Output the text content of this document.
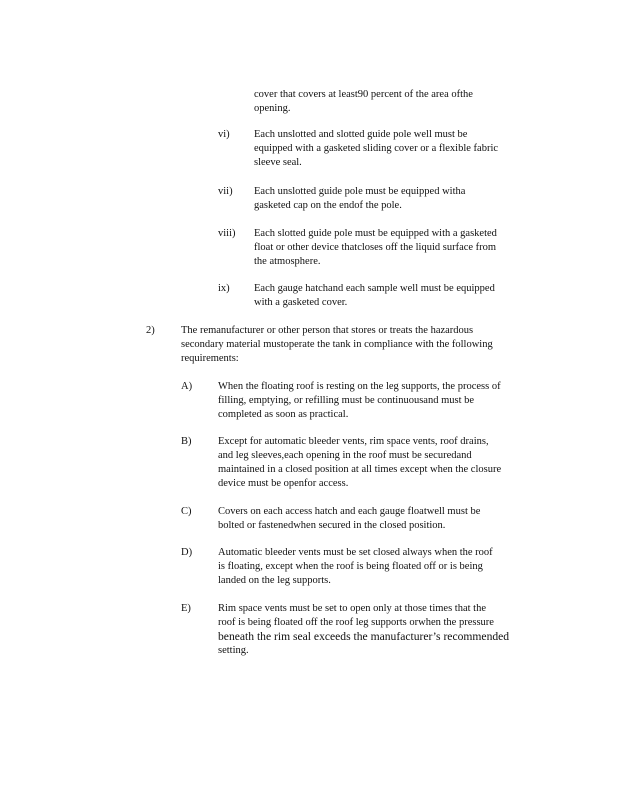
cover that covers at least90 percent of the area ofthe
opening.
vi) Each unslotted and slotted guide pole well must be
equipped with a gasketed sliding cover or a flexible fabric
sleeve seal.
vii) Each unslotted guide pole must be equipped witha
gasketed cap on the endof the pole.
viii) Each slotted guide pole must be equipped with a gasketed
float or other device thatcloses off the liquid surface from
the atmosphere.
ix) Each gauge hatchand each sample well must be equipped
with a gasketed cover.
2)	The remanufacturer or other person that stores or treats the hazardous
secondary material mustoperate the tank in compliance with the following
requirements:
A) When the floating roof is resting on the leg supports, the process of
filling, emptying, or refilling must be continuousand must be
completed as soon as practical.
B)	Except for automatic bleeder vents, rim space vents, roof drains,
and leg sleeves,each opening in the roof must be securedand
maintained in a closed position at all times except when the closure
device must be openfor access.
C)	Covers on each access hatch and each gauge floatwell must be
bolted or fastenedwhen secured in the closed position.
D) Automatic bleeder vents must be set closed always when the roof
is floating, except when the roof is being floated off or is being
landed on the leg supports.
E)	Rim space vents must be set to open only at those times that the
roof is being floated off the roof leg supports orwhen the pressure
beneath the rim seal exceeds the manufacturer’s recommended
setting.
